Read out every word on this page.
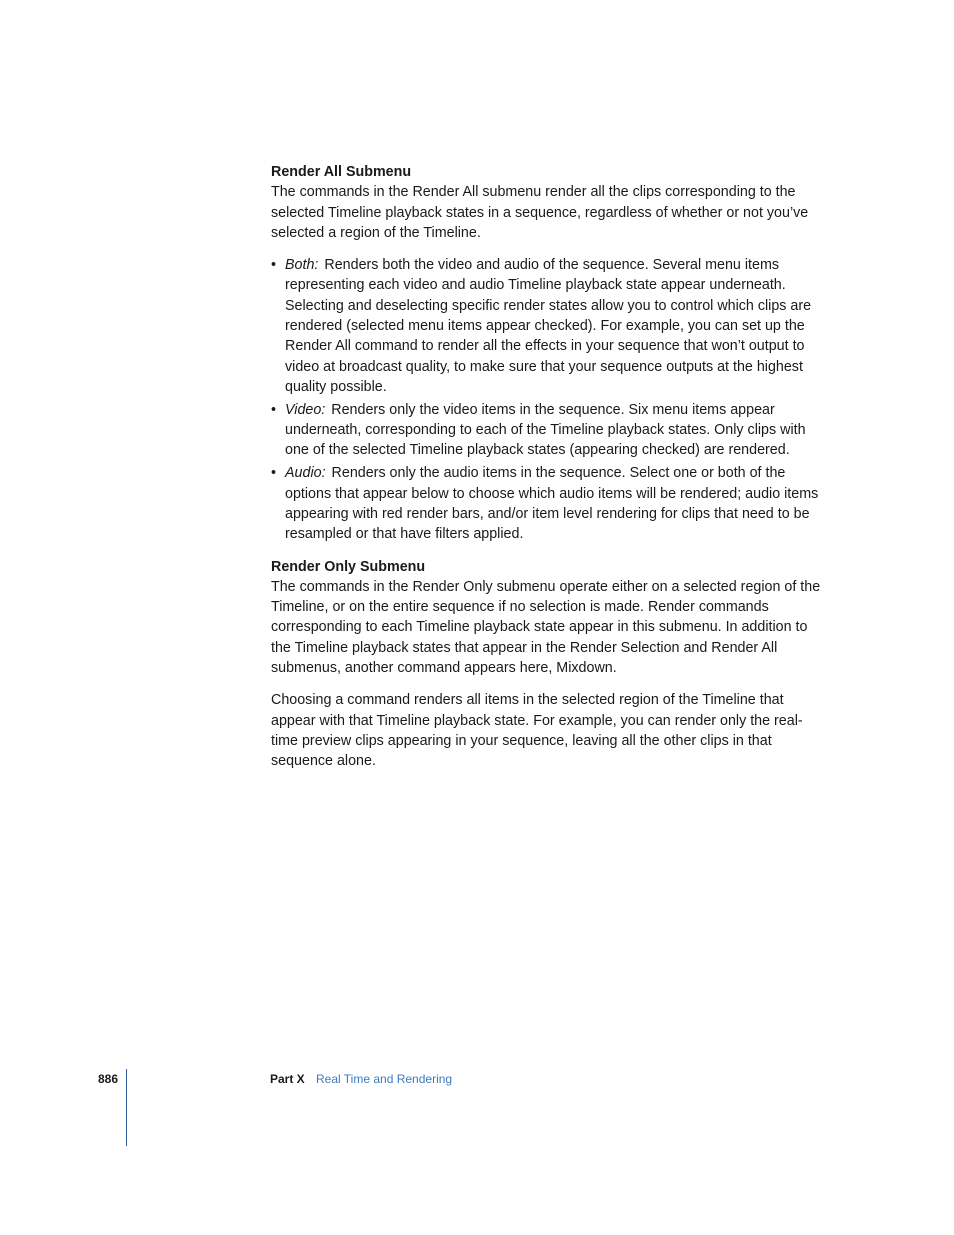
Render All Submenu

The commands in the Render All submenu render all the clips corresponding to the selected Timeline playback states in a sequence, regardless of whether or not you’ve selected a region of the Timeline.

• Both: Renders both the video and audio of the sequence. Several menu items representing each video and audio Timeline playback state appear underneath. Selecting and deselecting specific render states allow you to control which clips are rendered (selected menu items appear checked). For example, you can set up the Render All command to render all the effects in your sequence that won’t output to video at broadcast quality, to make sure that your sequence outputs at the highest quality possible.
• Video: Renders only the video items in the sequence. Six menu items appear underneath, corresponding to each of the Timeline playback states. Only clips with one of the selected Timeline playback states (appearing checked) are rendered.
• Audio: Renders only the audio items in the sequence. Select one or both of the options that appear below to choose which audio items will be rendered; audio items appearing with red render bars, and/or item level rendering for clips that need to be resampled or that have filters applied.
Render Only Submenu

The commands in the Render Only submenu operate either on a selected region of the Timeline, or on the entire sequence if no selection is made. Render commands corresponding to each Timeline playback state appear in this submenu. In addition to the Timeline playback states that appear in the Render Selection and Render All submenus, another command appears here, Mixdown.

Choosing a command renders all items in the selected region of the Timeline that appear with that Timeline playback state. For example, you can render only the real-time preview clips appearing in your sequence, leaving all the other clips in that sequence alone.

886	Part X Real Time and Rendering
